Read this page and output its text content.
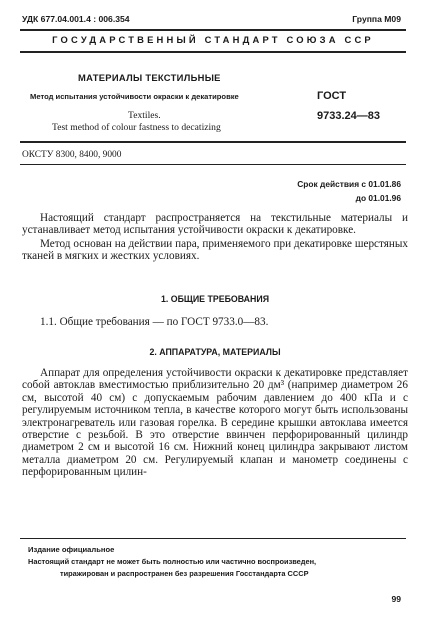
УДК 677.04.001.4 : 006.354	Группа М09
ГОСУДАРСТВЕННЫЙ СТАНДАРТ СОЮЗА ССР
МАТЕРИАЛЫ ТЕКСТИЛЬНЫЕ
Метод испытания устойчивости окраски к декатировке
Textiles.
Test method of colour fastness to decatizing
ГОСТ
9733.24—83
ОКСТУ 8300, 8400, 9000
Срок действия с 01.01.86
до 01.01.96

Настоящий стандарт распространяется на текстильные материалы и устанавливает метод испытания устойчивости окраски к декатировке.

Метод основан на действии пара, применяемого при декатировке шерстяных тканей в мягких и жестких условиях.

1. ОБЩИЕ ТРЕБОВАНИЯ
1.1. Общие требования — по ГОСТ 9733.0—83.
2. АППАРАТУРА, МАТЕРИАЛЫ

Аппарат для определения устойчивости окраски к декатировке представляет собой автоклав вместимостью приблизительно 20 дм³ (например диаметром 26 см, высотой 40 см) с допускаемым рабочим давлением до 400 кПа и с регулируемым источником тепла, в качестве которого могут быть использованы электронагреватель или газовая горелка. В середине крышки автоклава имеется отверстие с резьбой. В это отверстие ввинчен перфорированный цилиндр диаметром 2 см и высотой 16 см. Нижний конец цилиндра закрывают листом металла диаметром 20 см. Регулируемый клапан и манометр соединены с перфорированным цилин-

Издание официальное
Настоящий стандарт не может быть полностью или частично воспроизведен,
тиражирован и распространен без разрешения Госстандарта СССР
99
